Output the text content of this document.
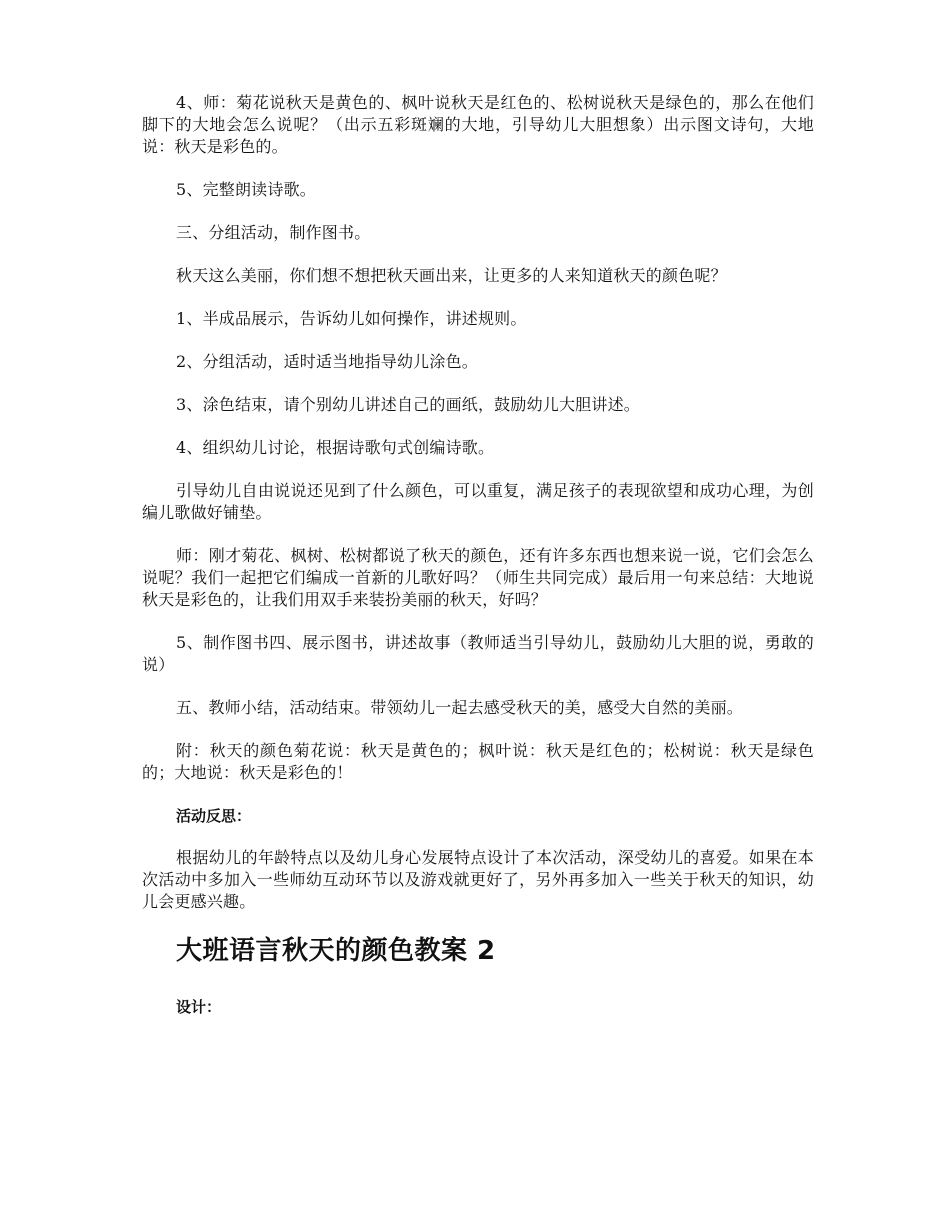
4、师：菊花说秋天是黄色的、枫叶说秋天是红色的、松树说秋天是绿色的，那么在他们脚下的大地会怎么说呢？（出示五彩斑斓的大地，引导幼儿大胆想象）出示图文诗句，大地说：秋天是彩色的。

5、完整朗读诗歌。

三、分组活动，制作图书。

秋天这么美丽，你们想不想把秋天画出来，让更多的人来知道秋天的颜色呢？

1、半成品展示，告诉幼儿如何操作，讲述规则。

2、分组活动，适时适当地指导幼儿涂色。

3、涂色结束，请个别幼儿讲述自己的画纸，鼓励幼儿大胆讲述。

4、组织幼儿讨论，根据诗歌句式创编诗歌。

引导幼儿自由说说还见到了什么颜色，可以重复，满足孩子的表现欲望和成功心理，为创编儿歌做好铺垫。

师：刚才菊花、枫树、松树都说了秋天的颜色，还有许多东西也想来说一说，它们会怎么说呢？我们一起把它们编成一首新的儿歌好吗？（师生共同完成）最后用一句来总结：大地说秋天是彩色的，让我们用双手来装扮美丽的秋天，好吗？

5、制作图书四、展示图书，讲述故事（教师适当引导幼儿，鼓励幼儿大胆的说，勇敢的说）

五、教师小结，活动结束。带领幼儿一起去感受秋天的美，感受大自然的美丽。

附：秋天的颜色菊花说：秋天是黄色的；枫叶说：秋天是红色的；松树说：秋天是绿色的；大地说：秋天是彩色的！

活动反思：

根据幼儿的年龄特点以及幼儿身心发展特点设计了本次活动，深受幼儿的喜爱。如果在本次活动中多加入一些师幼互动环节以及游戏就更好了，另外再多加入一些关于秋天的知识，幼儿会更感兴趣。

大班语言秋天的颜色教案 2
设计：
